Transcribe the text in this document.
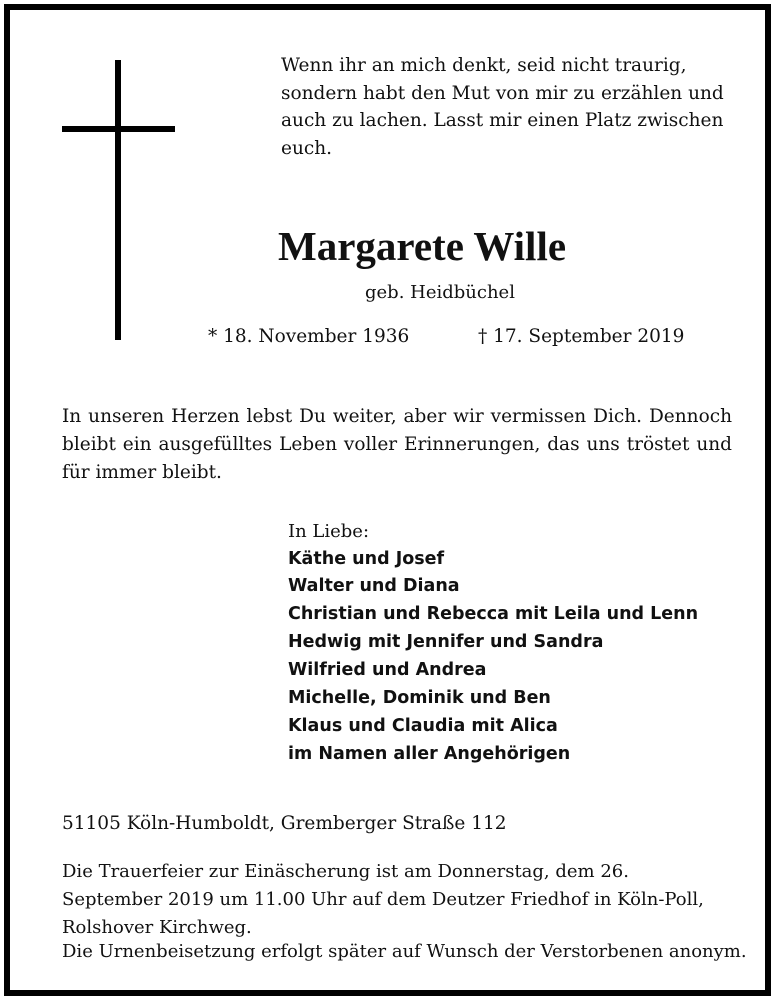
Wenn ihr an mich denkt, seid nicht traurig,
sondern habt den Mut von mir zu erzählen und
auch zu lachen. Lasst mir einen Platz zwischen
euch.
Margarete Wille
geb. Heidbüchel
* 18. November 1936	† 17. September 2019
In unseren Herzen lebst Du weiter, aber wir vermissen Dich. Dennoch bleibt ein ausgefülltes Leben voller Erinnerungen, das uns tröstet und für immer bleibt.
In Liebe:
Käthe und Josef
Walter und Diana
Christian und Rebecca mit Leila und Lenn
Hedwig mit Jennifer und Sandra
Wilfried und Andrea
Michelle, Dominik und Ben
Klaus und Claudia mit Alica
im Namen aller Angehörigen
51105 Köln-Humboldt, Gremberger Straße 112
Die Trauerfeier zur Einäscherung ist am Donnerstag, dem 26. September 2019 um 11.00 Uhr auf dem Deutzer Friedhof in Köln-Poll, Rolshover Kirchweg.
Die Urnenbeisetzung erfolgt später auf Wunsch der Verstorbenen anonym.
